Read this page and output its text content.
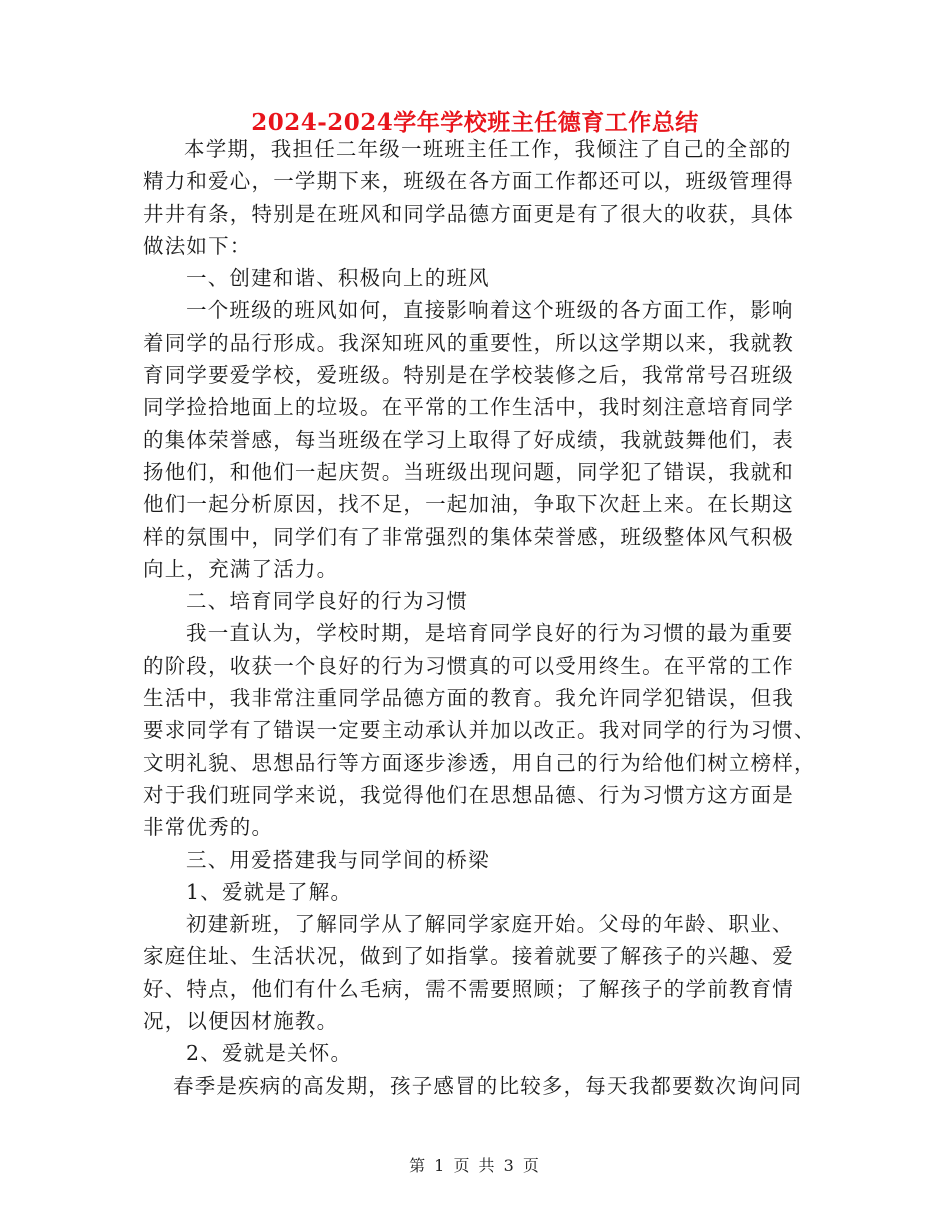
2024-2024学年学校班主任德育工作总结
本学期，我担任二年级一班班主任工作，我倾注了自己的全部的
精力和爱心，一学期下来，班级在各方面工作都还可以，班级管理得
井井有条，特别是在班风和同学品德方面更是有了很大的收获，具体
做法如下：
一、创建和谐、积极向上的班风
一个班级的班风如何，直接影响着这个班级的各方面工作，影响
着同学的品行形成。我深知班风的重要性，所以这学期以来，我就教
育同学要爱学校，爱班级。特别是在学校装修之后，我常常号召班级
同学捡拾地面上的垃圾。在平常的工作生活中，我时刻注意培育同学
的集体荣誉感，每当班级在学习上取得了好成绩，我就鼓舞他们，表
扬他们，和他们一起庆贺。当班级出现问题，同学犯了错误，我就和
他们一起分析原因，找不足，一起加油，争取下次赶上来。在长期这
样的氛围中，同学们有了非常强烈的集体荣誉感，班级整体风气积极
向上，充满了活力。
二、培育同学良好的行为习惯
我一直认为，学校时期，是培育同学良好的行为习惯的最为重要
的阶段，收获一个良好的行为习惯真的可以受用终生。在平常的工作
生活中，我非常注重同学品德方面的教育。我允许同学犯错误，但我
要求同学有了错误一定要主动承认并加以改正。我对同学的行为习惯、
文明礼貌、思想品行等方面逐步渗透，用自己的行为给他们树立榜样，
对于我们班同学来说，我觉得他们在思想品德、行为习惯方这方面是
非常优秀的。
三、用爱搭建我与同学间的桥梁
1、爱就是了解。
初建新班，了解同学从了解同学家庭开始。父母的年龄、职业、
家庭住址、生活状况，做到了如指掌。接着就要了解孩子的兴趣、爱
好、特点，他们有什么毛病，需不需要照顾；了解孩子的学前教育情
况，以便因材施教。
2、爱就是关怀。
春季是疾病的高发期，孩子感冒的比较多，每天我都要数次询问同
第 1 页 共 3 页
